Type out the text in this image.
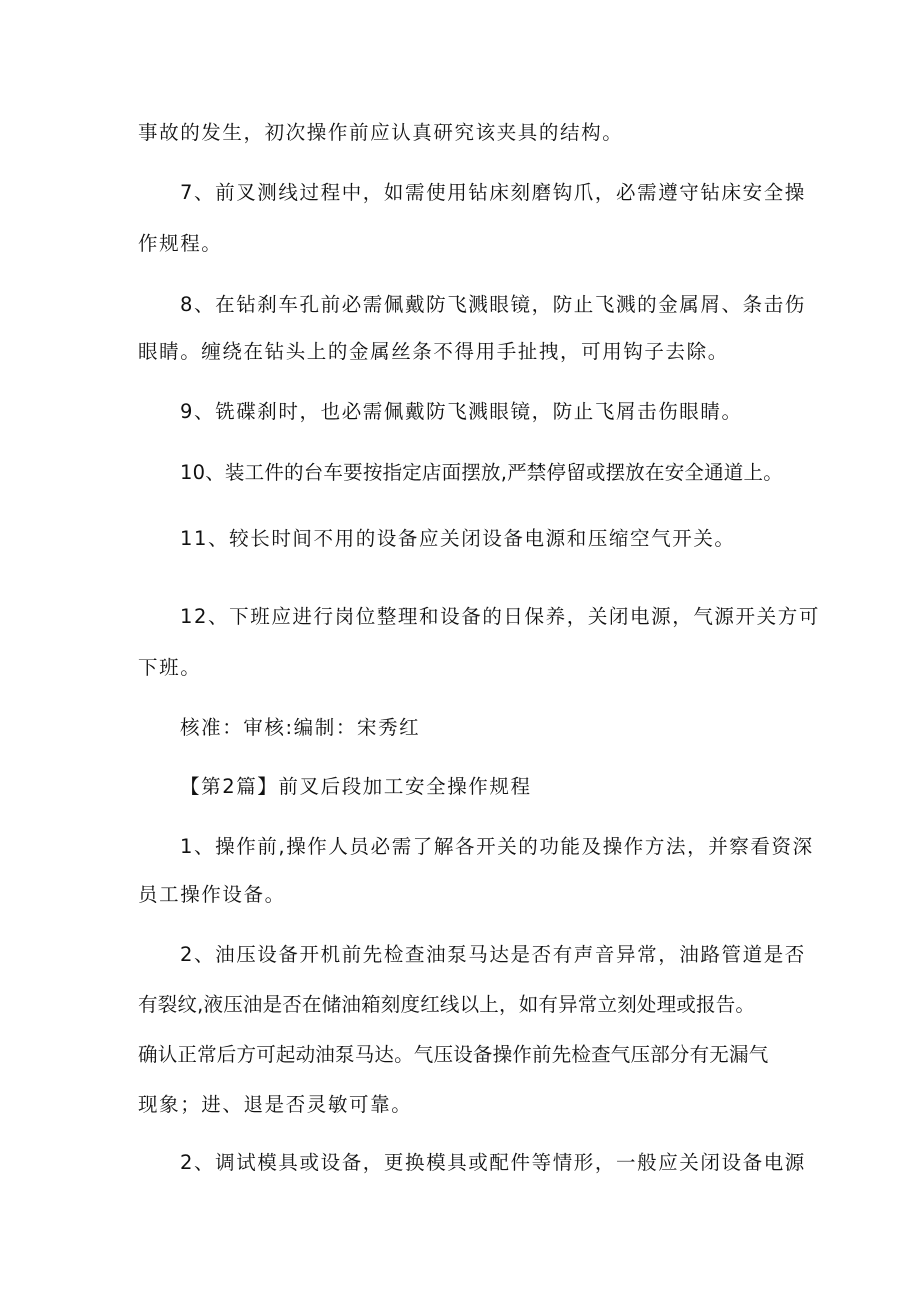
事故的发生，初次操作前应认真研究该夹具的结构。
7、前叉测线过程中，如需使用钻床刻磨钩爪，必需遵守钻床安全操
作规程。
8、在钻刹车孔前必需佩戴防飞溅眼镜，防止飞溅的金属屑、条击伤
眼睛。缠绕在钻头上的金属丝条不得用手扯拽，可用钩子去除。
9、铣碟刹时，也必需佩戴防飞溅眼镜，防止飞屑击伤眼睛。
10、装工件的台车要按指定店面摆放,严禁停留或摆放在安全通道上。
11、较长时间不用的设备应关闭设备电源和压缩空气开关。
12、下班应进行岗位整理和设备的日保养，关闭电源，气源开关方可
下班。
核准：审核:编制：宋秀红
【第2篇】前叉后段加工安全操作规程
1、操作前,操作人员必需了解各开关的功能及操作方法，并察看资深
员工操作设备。
2、油压设备开机前先检查油泵马达是否有声音异常，油路管道是否
有裂纹,液压油是否在储油箱刻度红线以上，如有异常立刻处理或报告。
确认正常后方可起动油泵马达。气压设备操作前先检查气压部分有无漏气
现象；进、退是否灵敏可靠。
2、调试模具或设备，更换模具或配件等情形，一般应关闭设备电源
